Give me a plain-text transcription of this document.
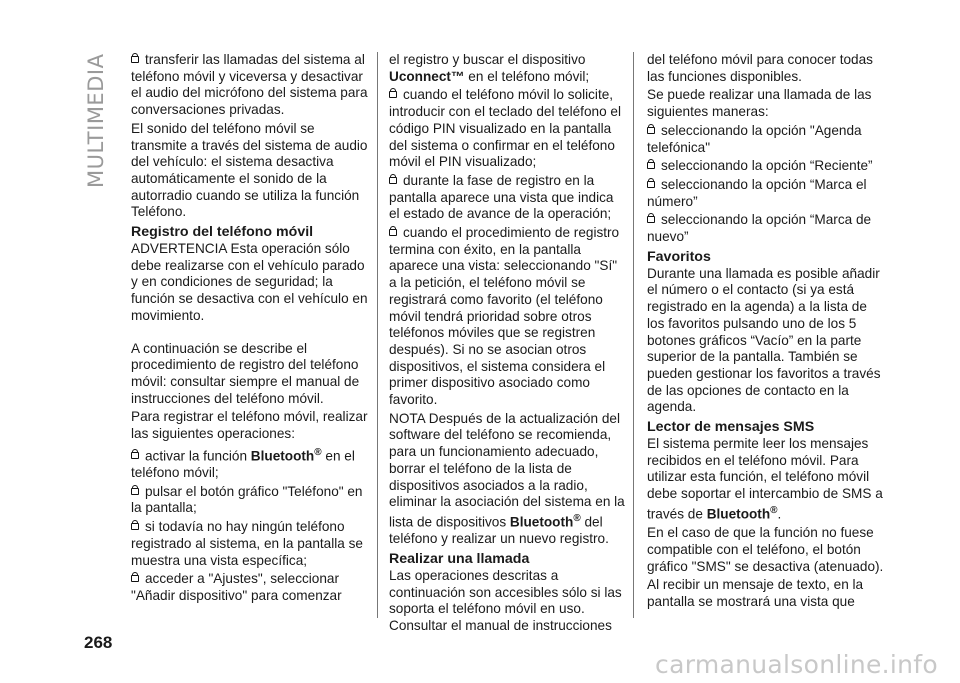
MULTIMEDIA	transferir las llamadas del sistema al teléfono móvil y viceversa y desactivar el audio del micrófono del sistema para conversaciones privadas.

El sonido del teléfono móvil se transmite a través del sistema de audio del vehículo: el sistema desactiva automáticamente el sonido de la autorradio cuando se utiliza la función Teléfono.

Registro del teléfono móvil

ADVERTENCIA Esta operación sólo debe realizarse con el vehículo parado y en condiciones de seguridad; la función se desactiva con el vehículo en movimiento.

A continuación se describe el procedimiento de registro del teléfono móvil: consultar siempre el manual de instrucciones del teléfono móvil.

Para registrar el teléfono móvil, realizar las siguientes operaciones:

activar la función Bluetooth® en el teléfono móvil;

pulsar el botón gráfico "Teléfono" en la pantalla;

si todavía no hay ningún teléfono registrado al sistema, en la pantalla se muestra una vista específica;

acceder a "Ajustes", seleccionar "Añadir dispositivo" para comenzar

el registro y buscar el dispositivo Uconnect™ en el teléfono móvil;

cuando el teléfono móvil lo solicite, introducir con el teclado del teléfono el código PIN visualizado en la pantalla del sistema o confirmar en el teléfono móvil el PIN visualizado;

durante la fase de registro en la pantalla aparece una vista que indica el estado de avance de la operación;

cuando el procedimiento de registro termina con éxito, en la pantalla aparece una vista: seleccionando "Sí" a la petición, el teléfono móvil se registrará como favorito (el teléfono móvil tendrá prioridad sobre otros teléfonos móviles que se registren después). Si no se asocian otros dispositivos, el sistema considera el primer dispositivo asociado como favorito.

NOTA Después de la actualización del software del teléfono se recomienda, para un funcionamiento adecuado, borrar el teléfono de la lista de dispositivos asociados a la radio, eliminar la asociación del sistema en la lista de dispositivos Bluetooth® del teléfono y realizar un nuevo registro.

Realizar una llamada

Las operaciones descritas a continuación son accesibles sólo si las soporta el teléfono móvil en uso. Consultar el manual de instrucciones

del teléfono móvil para conocer todas las funciones disponibles.

Se puede realizar una llamada de las siguientes maneras:

seleccionando la opción "Agenda telefónica"

seleccionando la opción “Reciente”

seleccionando la opción “Marca el número”

seleccionando la opción “Marca de nuevo”

Favoritos

Durante una llamada es posible añadir el número o el contacto (si ya está registrado en la agenda) a la lista de los favoritos pulsando uno de los 5 botones gráficos “Vacío” en la parte superior de la pantalla. También se pueden gestionar los favoritos a través de las opciones de contacto en la agenda.

Lector de mensajes SMS

El sistema permite leer los mensajes recibidos en el teléfono móvil. Para utilizar esta función, el teléfono móvil debe soportar el intercambio de SMS a través de Bluetooth®.

En el caso de que la función no fuese compatible con el teléfono, el botón gráfico "SMS" se desactiva (atenuado).

Al recibir un mensaje de texto, en la pantalla se mostrará una vista que

268
carmanualsonline.info
